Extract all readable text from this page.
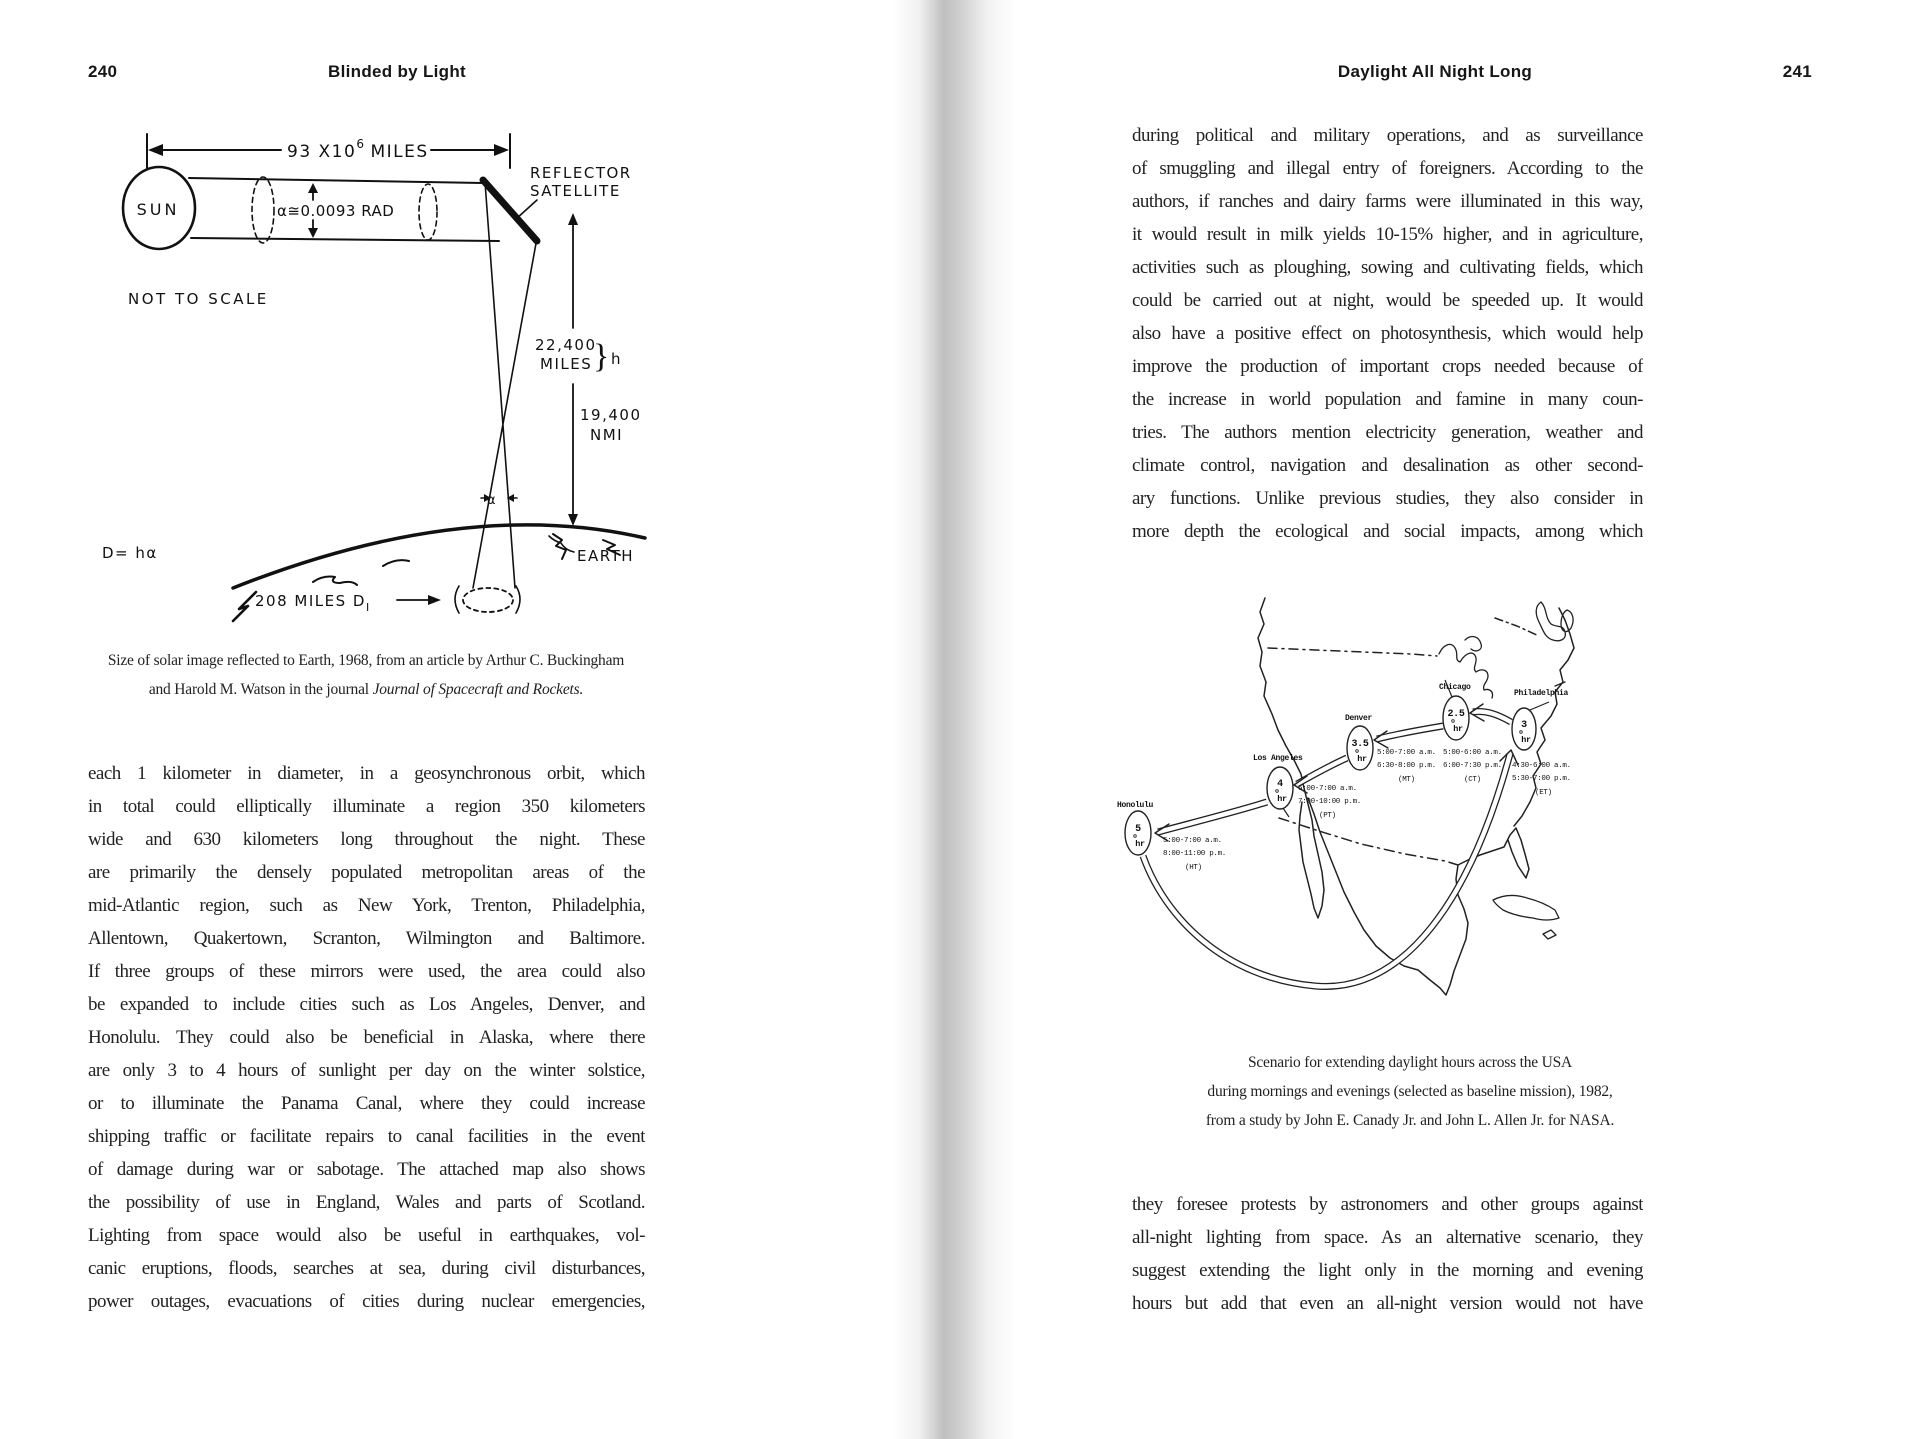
240	Blinded by Light
93 $X10^6$ MILES
SUN	α≅0.0093 RAD
REFLECTOR
SATELLITE
NOT TO SCALE
22,400
MILES } h
19,400
NMI
α
D= hα	EARTH
208 MILES $D_I$
Size of solar image reflected to Earth, 1968, from an article by Arthur C. Buckingham
and Harold M. Watson in the journal Journal of Spacecraft and Rockets.
each 1 kilometer in diameter, in a geosynchronous orbit, which
in total could elliptically illuminate a region 350 kilometers
wide and 630 kilometers long throughout the night. These
are primarily the densely populated metropolitan areas of the
mid-Atlantic region, such as New York, Trenton, Philadelphia,
Allentown, Quakertown, Scranton, Wilmington and Baltimore.
If three groups of these mirrors were used, the area could also
be expanded to include cities such as Los Angeles, Denver, and
Honolulu. They could also be beneficial in Alaska, where there
are only 3 to 4 hours of sunlight per day on the winter solstice,
or to illuminate the Panama Canal, where they could increase
shipping traffic or facilitate repairs to canal facilities in the event
of damage during war or sabotage. The attached map also shows
the possibility of use in England, Wales and parts of Scotland.
Lighting from space would also be useful in earthquakes, vol-
canic eruptions, floods, searches at sea, during civil disturbances,
power outages, evacuations of cities during nuclear emergencies,
Daylight All Night Long	241
during political and military operations, and as surveillance
of smuggling and illegal entry of foreigners. According to the
authors, if ranches and dairy farms were illuminated in this way,
it would result in milk yields 10-15% higher, and in agriculture,
activities such as ploughing, sowing and cultivating fields, which
could be carried out at night, would be speeded up. It would
also have a positive effect on photosynthesis, which would help
improve the production of important crops needed because of
the increase in world population and famine in many coun-
tries. The authors mention electricity generation, weather and
climate control, navigation and desalination as other second-
ary functions. Unlike previous studies, they also consider in
more depth the ecological and social impacts, among which
5
4
3.5
2.5
3
hr
hr
hr
hr
hr
Honolulu
Los Angeles
Denver
Chicago
Philadelphia
5:00-7:00 a.m.
8:00-11:00 p.m.
(HT)
6:00-7:00 a.m.
7:00-10:00 p.m.
(PT)
5:00-7:00 a.m.
6:30-8:00 p.m.
(MT)
5:00-6:00 a.m.
6:00-7:30 p.m.
(CT)
4:30-6:00 a.m.
5:30-7:00 p.m.
(ET)
Scenario for extending daylight hours across the USA
during mornings and evenings (selected as baseline mission), 1982,
from a study by John E. Canady Jr. and John L. Allen Jr. for NASA.
they foresee protests by astronomers and other groups against
all-night lighting from space. As an alternative scenario, they
suggest extending the light only in the morning and evening
hours but add that even an all-night version would not have
